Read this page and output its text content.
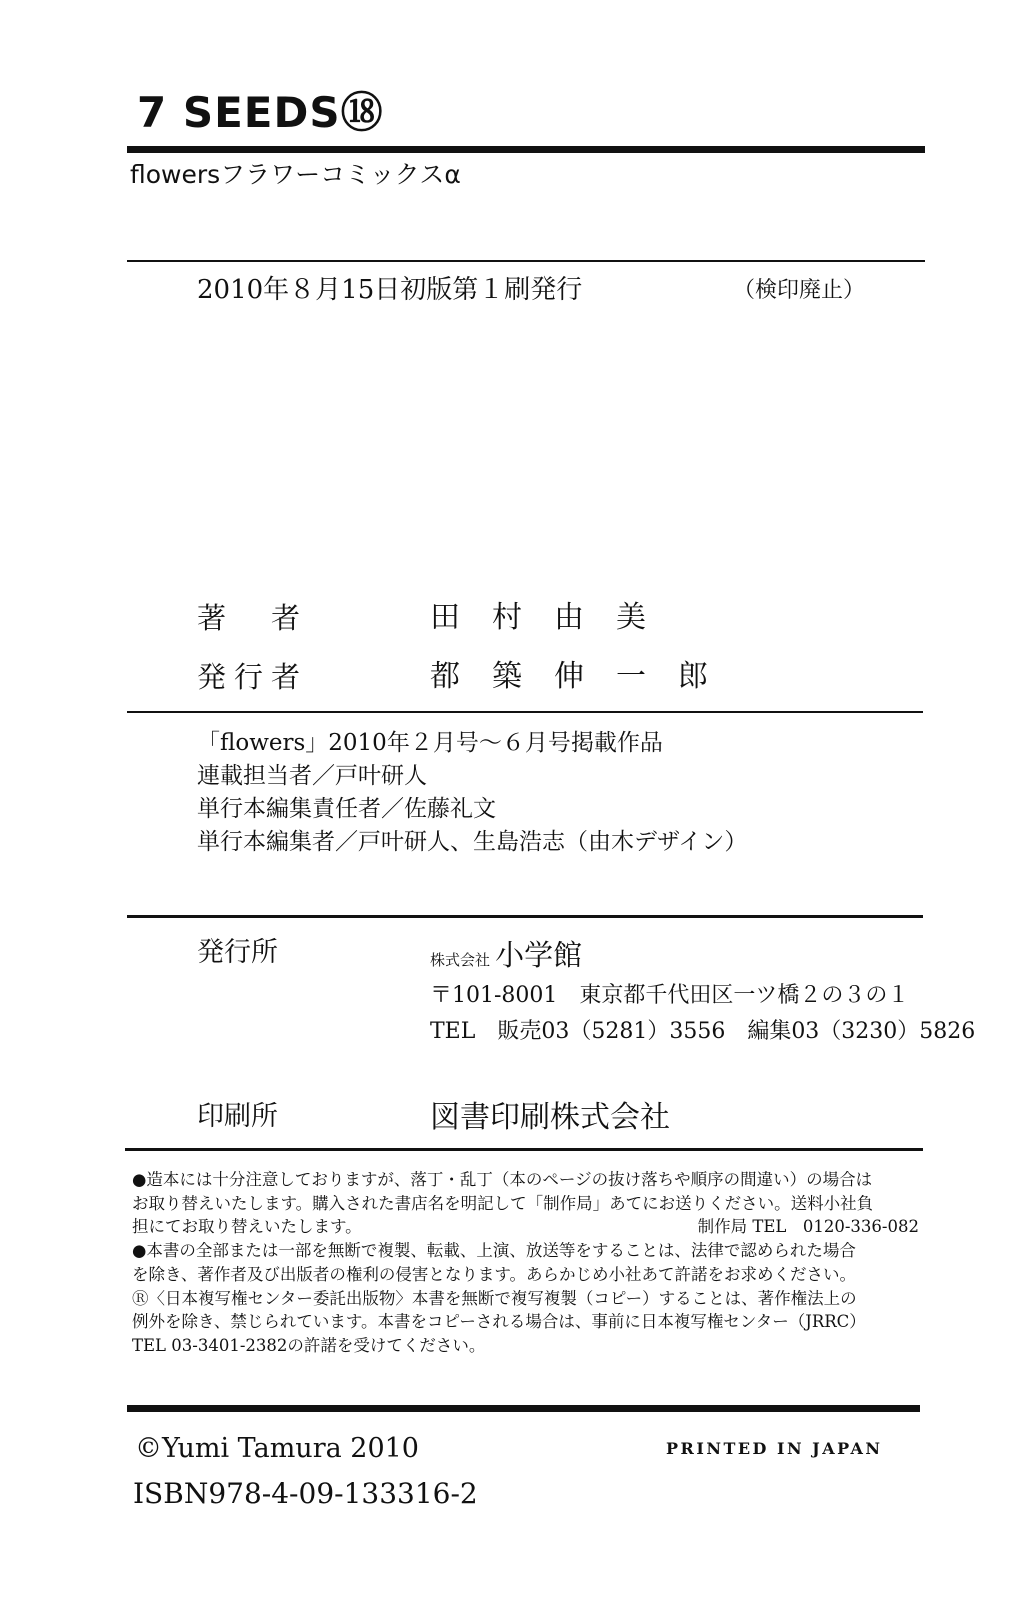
7 SEEDS⑱
flowersフラワーコミックスα
2010年８月15日初版第１刷発行	（検印廃止）
著　者	田村由美
発行者	都築伸一郎
「flowers」2010年２月号〜６月号掲載作品
連載担当者／戸叶研人
単行本編集責任者／佐藤礼文
単行本編集者／戸叶研人、生島浩志（由木デザイン）
発行所	株式会社 小学館
〒101-8001　東京都千代田区一ツ橋２の３の１
TEL　販売03（5281）3556　編集03（3230）5826
印刷所	図書印刷株式会社
●造本には十分注意しておりますが、落丁・乱丁（本のページの抜け落ちや順序の間違い）の場合は
お取り替えいたします。購入された書店名を明記して「制作局」あてにお送りください。送料小社負
担にてお取り替えいたします。	制作局 TEL　0120-336-082
●本書の全部または一部を無断で複製、転載、上演、放送等をすることは、法律で認められた場合
を除き、著作者及び出版者の権利の侵害となります。あらかじめ小社あて許諾をお求めください。
Ⓡ〈日本複写権センター委託出版物〉本書を無断で複写複製（コピー）することは、著作権法上の
例外を除き、禁じられています。本書をコピーされる場合は、事前に日本複写権センター（JRRC）
TEL 03-3401-2382の許諾を受けてください。
©Yumi Tamura 2010	PRINTED IN JAPAN
ISBN978-4-09-133316-2
